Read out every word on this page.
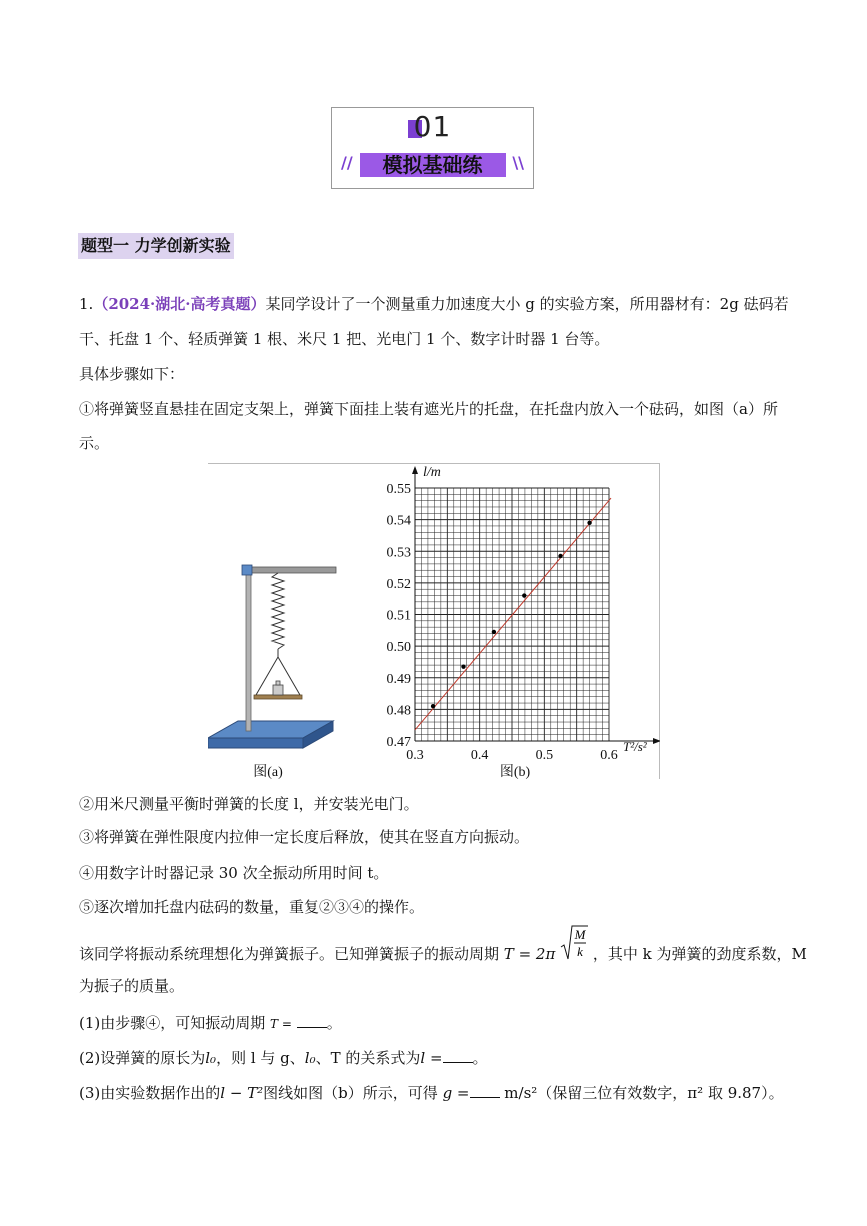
01
//	模拟基础练	\\
题型一 力学创新实验
1.（2024·湖北·高考真题）某同学设计了一个测量重力加速度大小 g 的实验方案，所用器材有：2g 砝码若
干、托盘 1 个、轻质弹簧 1 根、米尺 1 把、光电门 1 个、数字计时器 1 台等。
具体步骤如下：
①将弹簧竖直悬挂在固定支架上，弹簧下面挂上装有遮光片的托盘，在托盘内放入一个砝码，如图（a）所
示。
图(a)
0.47
0.48
0.49
0.50
0.51
0.52
0.53
0.54
0.55
0.3	0.4	0.5	0.6
l/m
T²/s²
图(b)
②用米尺测量平衡时弹簧的长度 l，并安装光电门。
③将弹簧在弹性限度内拉伸一定长度后释放，使其在竖直方向振动。
④用数字计时器记录 30 次全振动所用时间 t。
⑤逐次增加托盘内砝码的数量，重复②③④的操作。
该同学将振动系统理想化为弹簧振子。已知弹簧振子的振动周期 T = 2π
M
k ，其中 k 为弹簧的劲度系数，M
为振子的质量。
(1)由步骤④，可知振动周期 T = 。
(2)设弹簧的原长为l₀，则 l 与 g、l₀、T 的关系式为l = 。
(3)由实验数据作出的l − T²图线如图（b）所示，可得 g = m/s²（保留三位有效数字，π² 取 9.87）。
